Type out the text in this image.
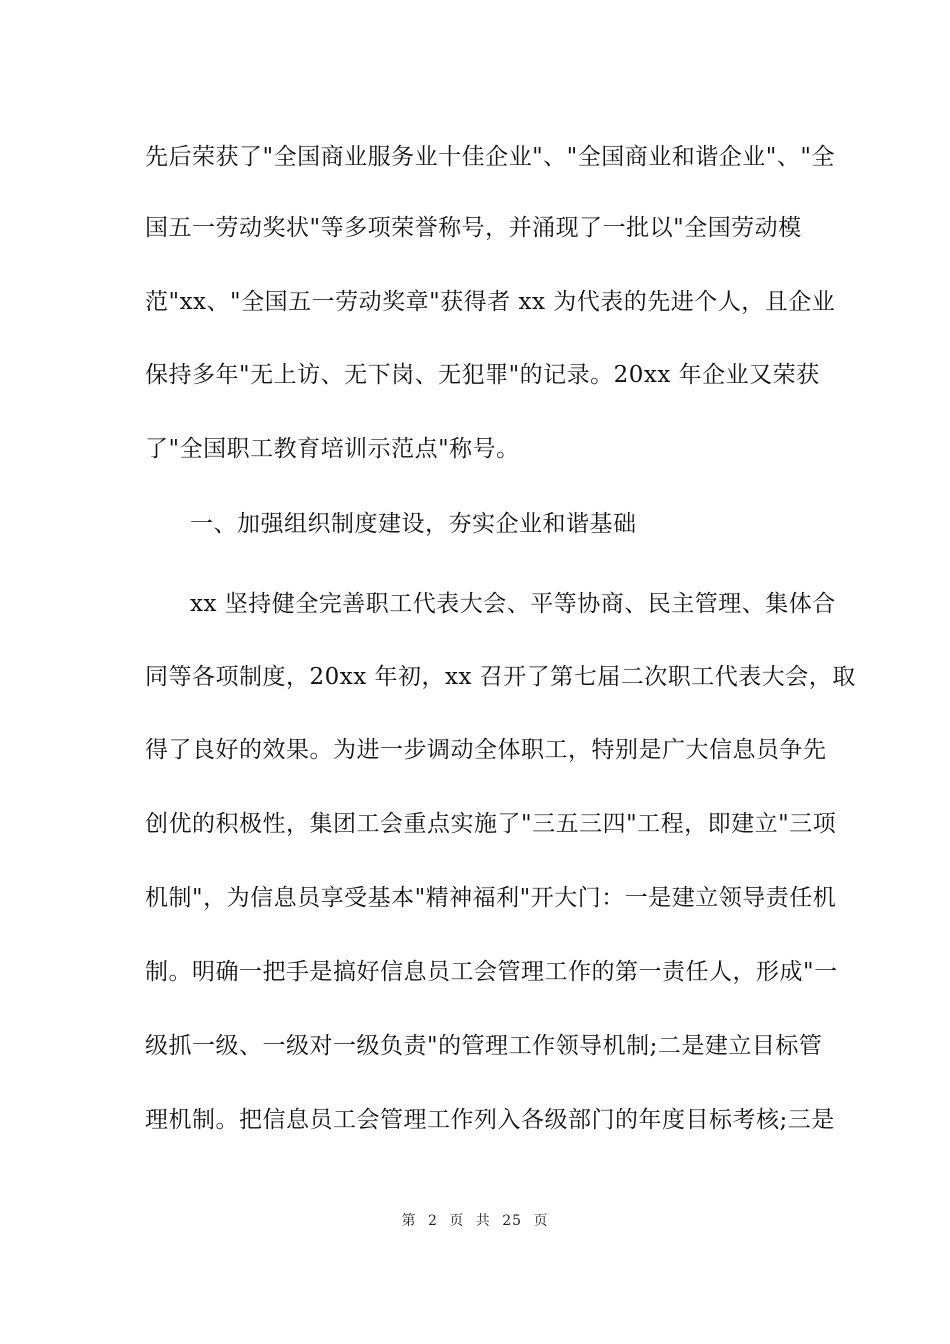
先后荣获了"全国商业服务业十佳企业"、"全国商业和谐企业"、"全
国五一劳动奖状"等多项荣誉称号，并涌现了一批以"全国劳动模
范"xx、"全国五一劳动奖章"获得者 xx 为代表的先进个人，且企业
保持多年"无上访、无下岗、无犯罪"的记录。20xx 年企业又荣获
了"全国职工教育培训示范点"称号。
一、加强组织制度建设，夯实企业和谐基础
xx 坚持健全完善职工代表大会、平等协商、民主管理、集体合
同等各项制度，20xx 年初，xx 召开了第七届二次职工代表大会，取
得了良好的效果。为进一步调动全体职工，特别是广大信息员争先
创优的积极性，集团工会重点实施了"三五三四"工程，即建立"三项
机制"，为信息员享受基本"精神福利"开大门：一是建立领导责任机
制。明确一把手是搞好信息员工会管理工作的第一责任人，形成"一
级抓一级、一级对一级负责"的管理工作领导机制;二是建立目标管
理机制。把信息员工会管理工作列入各级部门的年度目标考核;三是
第 2 页 共 25 页
